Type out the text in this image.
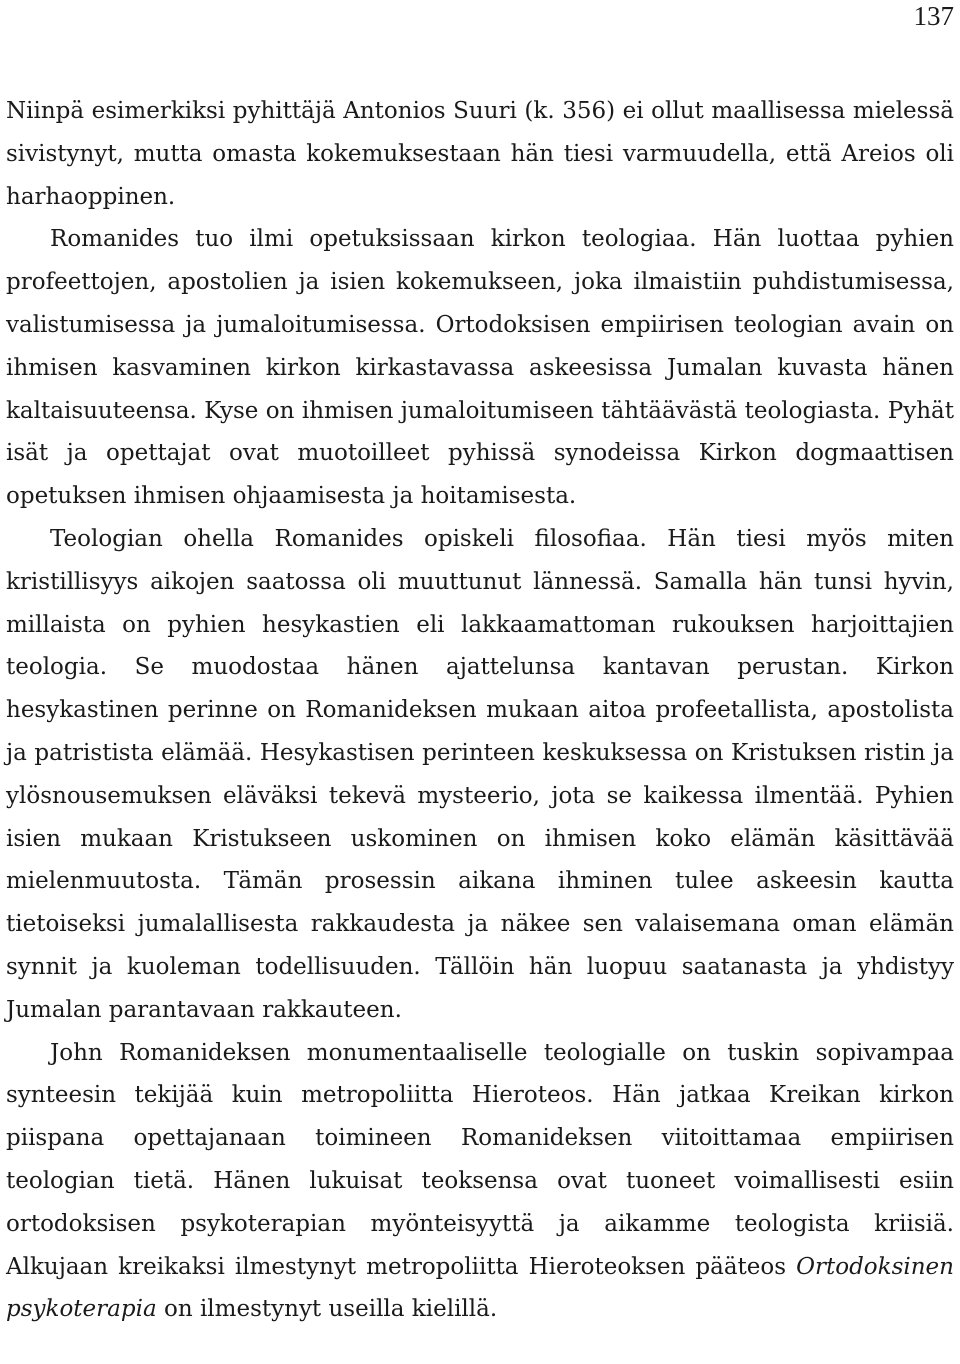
137

Niinpä esimerkiksi pyhittäjä Antonios Suuri (k. 356) ei ollut maallisessa mielessä sivistynyt, mutta omasta kokemuksestaan hän tiesi varmuudella, että Areios oli harhaoppinen.

Romanides tuo ilmi opetuksissaan kirkon teologiaa. Hän luottaa pyhien profeettojen, apostolien ja isien kokemukseen, joka ilmaistiin puhdistumisessa, valistumisessa ja jumaloitumisessa. Ortodoksisen empiirisen teologian avain on ihmisen kasvaminen kirkon kirkastavassa askeesissa Jumalan kuvasta hänen kaltaisuuteensa. Kyse on ihmisen jumaloitumiseen tähtäävästä teologiasta. Pyhät isät ja opettajat ovat muotoilleet pyhissä synodeissa Kirkon dogmaattisen opetuksen ihmisen ohjaamisesta ja hoitamisesta.

Teologian ohella Romanides opiskeli filosofiaa. Hän tiesi myös miten kristillisyys aikojen saatossa oli muuttunut lännessä. Samalla hän tunsi hyvin, millaista on pyhien hesykastien eli lakkaamattoman rukouksen harjoittajien teologia. Se muodostaa hänen ajattelunsa kantavan perustan. Kirkon hesykastinen perinne on Romanideksen mukaan aitoa profeetallista, apostolista ja patristista elämää. Hesykastisen perinteen keskuksessa on Kristuksen ristin ja ylösnousemuksen eläväksi tekevä mysteerio, jota se kaikessa ilmentää. Pyhien isien mukaan Kristukseen uskominen on ihmisen koko elämän käsittävää mielenmuutosta. Tämän prosessin aikana ihminen tulee askeesin kautta tietoiseksi jumalallisesta rakkaudesta ja näkee sen valaisemana oman elämän synnit ja kuoleman todellisuuden. Tällöin hän luopuu saatanasta ja yhdistyy Jumalan parantavaan rakkauteen.

John Romanideksen monumentaaliselle teologialle on tuskin sopivampaa synteesin tekijää kuin metropoliitta Hieroteos. Hän jatkaa Kreikan kirkon piispana opettajanaan toimineen Romanideksen viitoittamaa empiirisen teologian tietä. Hänen lukuisat teoksensa ovat tuoneet voimallisesti esiin ortodoksisen psykoterapian myönteisyyttä ja aikamme teologista kriisiä. Alkujaan kreikaksi ilmestynyt metropoliitta Hieroteoksen pääteos Ortodoksinen psykoterapia on ilmestynyt useilla kielillä.
